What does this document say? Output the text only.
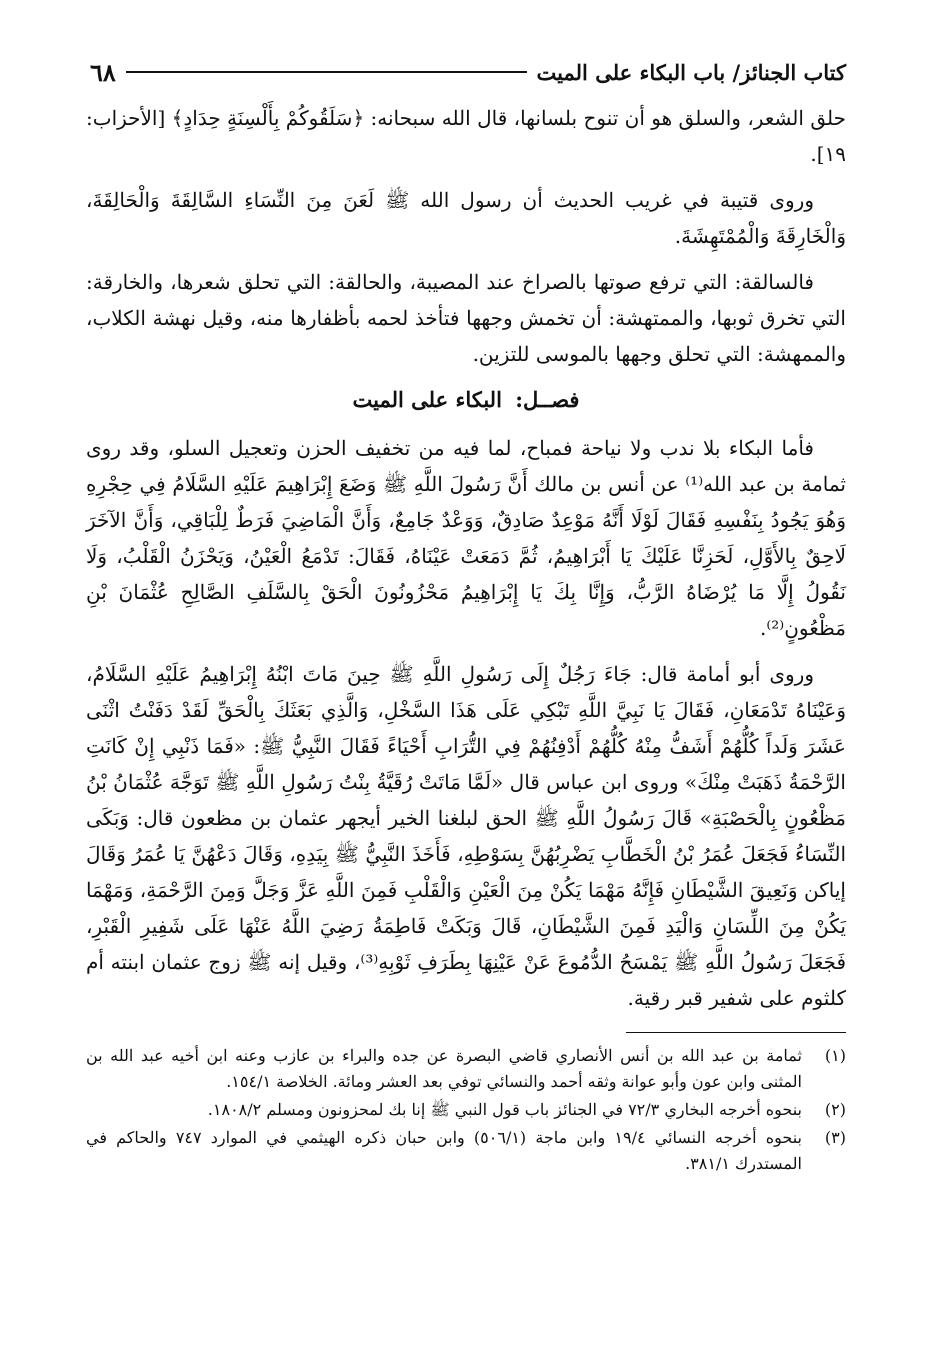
كتاب الجنائز/ باب البكاء على الميت
٦٨

حلق الشعر، والسلق هو أن تنوح بلسانها، قال الله سبحانه: ﴿سَلَقُوكُمْ بِأَلْسِنَةٍ حِدَادٍ﴾ [الأحزاب: ١٩].

وروى قتيبة في غريب الحديث أن رسول الله ﷺ لَعَنَ مِنَ النِّسَاءِ السَّالِقَةَ وَالْحَالِقَةَ، وَالْخَارِقَةَ وَالْمُمْتَهِشَةَ.

فالسالقة: التي ترفع صوتها بالصراخ عند المصيبة، والحالقة: التي تحلق شعرها، والخارقة: التي تخرق ثوبها، والممتهشة: أن تخمش وجهها فتأخذ لحمه بأظفارها منه، وقيل نهشة الكلاب، والممهشة: التي تحلق وجهها بالموسى للتزين.

فصــل: البكاء على الميت

فأما البكاء بلا ندب ولا نياحة فمباح، لما فيه من تخفيف الحزن وتعجيل السلو، وقد روى ثمامة بن عبد الله⁽¹⁾ عن أنس بن مالك أَنَّ رَسُولَ اللَّهِ ﷺ وَضَعَ إِبْرَاهِيمَ عَلَيْهِ السَّلَامُ فِي حِجْرِهِ وَهُوَ يَجُودُ بِنَفْسِهِ فَقَالَ لَوْلَا أَنَّهُ مَوْعِدٌ صَادِقٌ، وَوَعْدٌ جَامِعٌ، وَأَنَّ الْمَاضِيَ فَرَطٌ لِلْبَاقِي، وَأَنَّ الآخَرَ لَاحِقٌ بِالأَوَّلِ، لَحَزِنَّا عَلَيْكَ يَا أَبْرَاهِيمُ، ثُمَّ دَمَعَتْ عَيْنَاهُ، فَقَالَ: تَدْمَعُ الْعَيْنُ، وَيَحْزَنُ الْقَلْبُ، وَلَا نَقُولُ إِلَّا مَا يُرْضَاهُ الرَّبُّ، وَإِنَّا بِكَ يَا إِبْرَاهِيمُ مَحْزُونُونَ الْحَقْ بِالسَّلَفِ الصَّالِحِ عُثْمَانَ بْنِ مَظْعُونٍ⁽²⁾.

وروى أبو أمامة قال: جَاءَ رَجُلٌ إِلَى رَسُولِ اللَّهِ ﷺ حِينَ مَاتَ ابْنُهُ إِبْرَاهِيمُ عَلَيْهِ السَّلَامُ، وَعَيْنَاهُ تَدْمَعَانِ، فَقَالَ يَا نَبِيَّ اللَّهِ تَبْكِي عَلَى هَذَا السَّخْلِ، وَالَّذِي بَعَثَكَ بِالْحَقِّ لَقَدْ دَفَنْتُ اثْنَى عَشَرَ وَلَداً كُلُّهُمْ أَشَفُّ مِنْهُ كُلُّهُمْ أَدْفِنُهُمْ فِي التُّرَابِ أَحْيَاءً فَقَالَ النَّبِيُّ ﷺ: «فَمَا ذَنْبِي إِنْ كَانَتِ الرَّحْمَةُ ذَهَبَتْ مِنْكَ» وروى ابن عباس قال «لَمَّا مَاتَتْ رُقَيَّةُ بِنْتُ رَسُولِ اللَّهِ ﷺ تَوَجَّهَ عُثْمَانُ بْنُ مَظْعُونٍ بِالْحَصْبَةِ» قَالَ رَسُولُ اللَّهِ ﷺ الحق لبلغنا الخير أيجهر عثمان بن مظعون قال: وَبَكَى النِّسَاءُ فَجَعَلَ عُمَرُ بْنُ الْخَطَّابِ يَضْرِبُهُنَّ بِسَوْطِهِ، فَأَخَذَ النَّبِيُّ ﷺ بِيَدِهِ، وَقَالَ دَعْهُنَّ يَا عُمَرُ وَقَالَ إياكن وَنَعِيقَ الشَّيْطَانِ فَإِنَّهُ مَهْمَا يَكُنْ مِنَ الْعَيْنِ وَالْقَلْبِ فَمِنَ اللَّهِ عَزَّ وَجَلَّ وَمِنَ الرَّحْمَةِ، وَمَهْمَا يَكُنْ مِنَ اللِّسَانِ وَالْيَدِ فَمِنَ الشَّيْطَانِ، قَالَ وَبَكَتْ فَاطِمَةُ رَضِيَ اللَّهُ عَنْهَا عَلَى شَفِيرِ الْقَبْرِ، فَجَعَلَ رَسُولُ اللَّهِ ﷺ يَمْسَحُ الدُّمُوعَ عَنْ عَيْنِهَا بِطَرَفِ ثَوْبِهِ⁽³⁾، وقيل إنه ﷺ زوج عثمان ابنته أم كلثوم على شفير قبر رقية.

(١)
ثمامة بن عبد الله بن أنس الأنصاري قاضي البصرة عن جده والبراء بن عازب وعنه ابن أخيه عبد الله بن المثنى وابن عون وأبو عوانة وثقه أحمد والنسائي توفي بعد العشر ومائة. الخلاصة ١٥٤/١.
(٢)
بنحوه أخرجه البخاري ٧٢/٣ في الجنائز باب قول النبي ﷺ إنا بك لمحزونون ومسلم ١٨٠٨/٢.
(٣)
بنحوه أخرجه النسائي ١٩/٤ وابن ماجة (٥٠٦/١) وابن حبان ذكره الهيثمي في الموارد ٧٤٧ والحاكم في المستدرك ٣٨١/١.
